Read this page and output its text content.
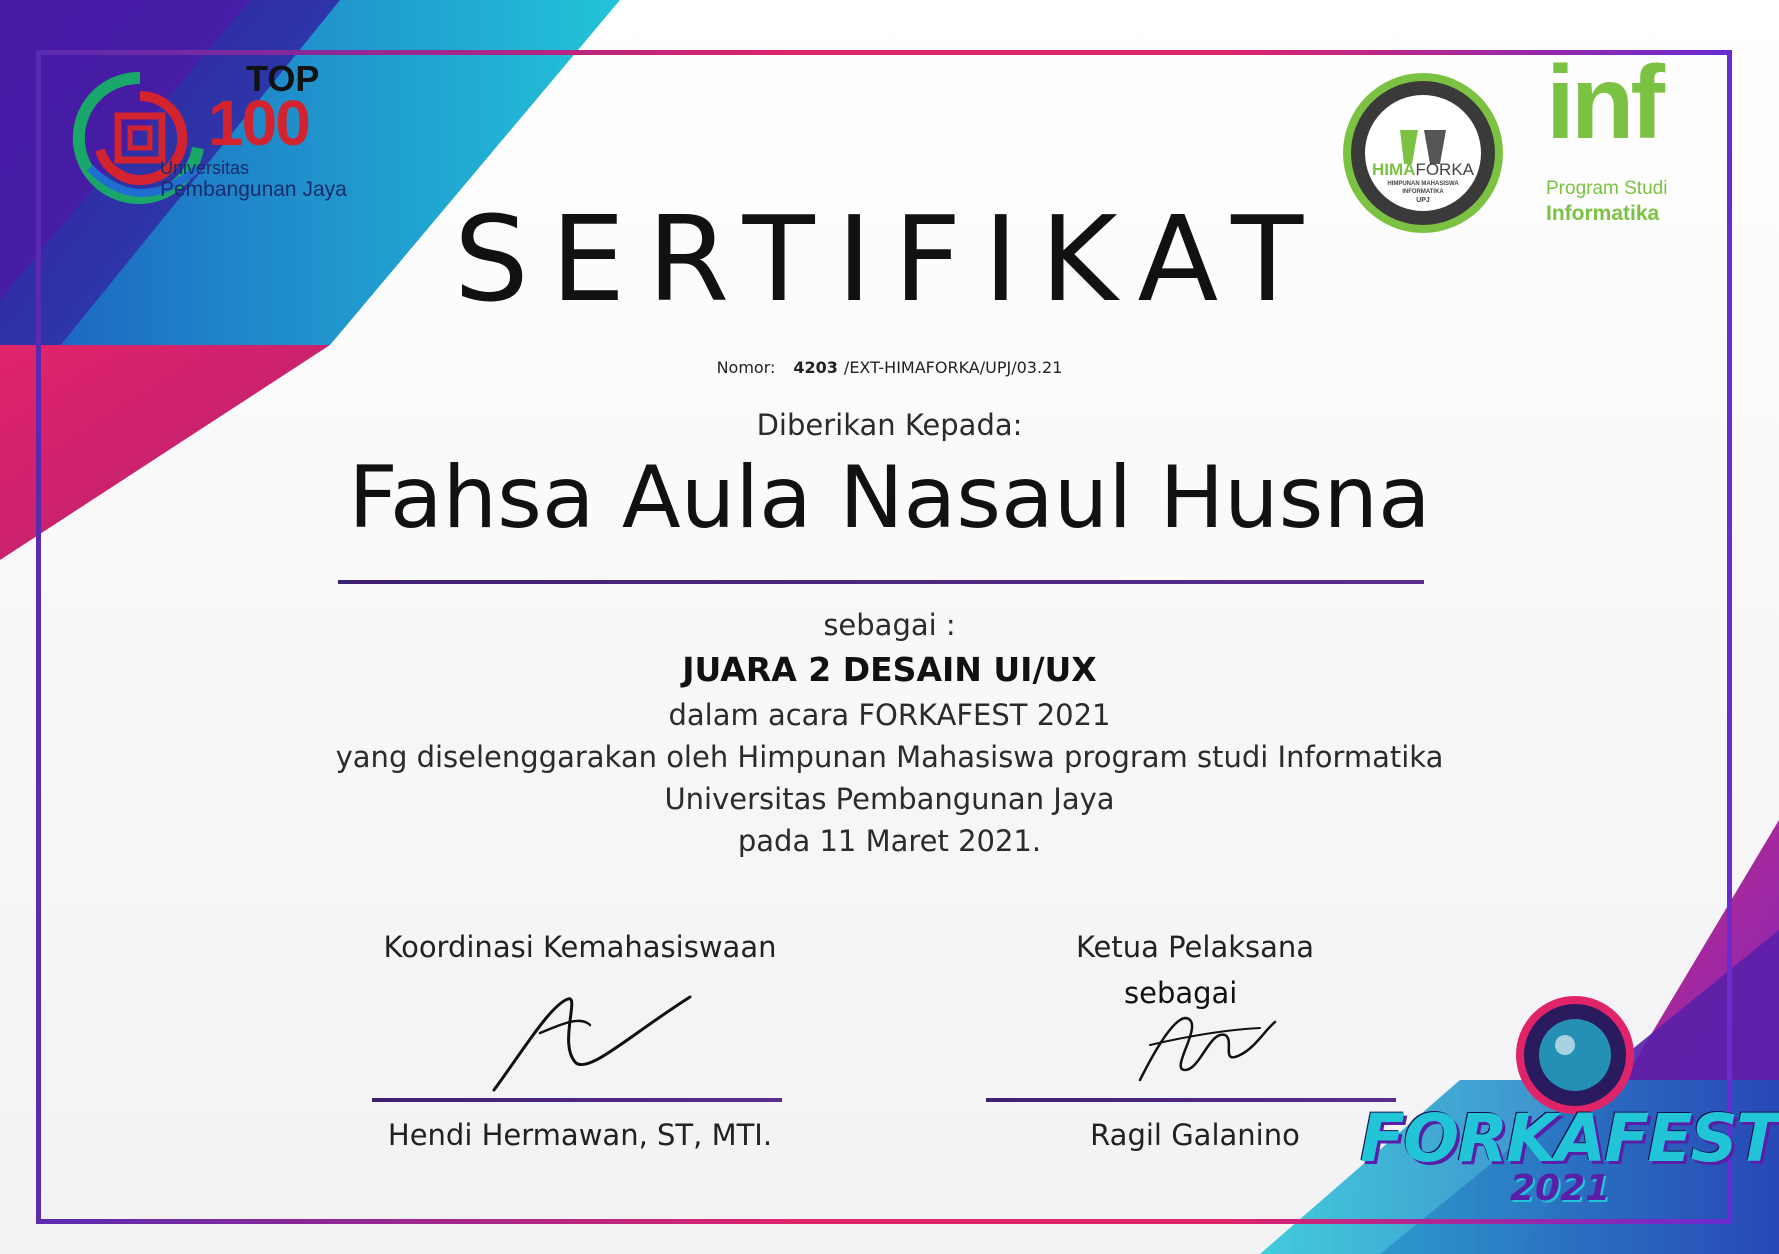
TOP
100
Universitas
Pembangunan Jaya
HIMAFORKA
HIMPUNAN MAHASISWA
INFORMATIKA
UPJ
inf
Program Studi
Informatika
SERTIFIKAT
Nomor: 4203 /EXT-HIMAFORKA/UPJ/03.21
Diberikan Kepada:
Fahsa Aula Nasaul Husna
sebagai :
JUARA 2 DESAIN UI/UX
dalam acara FORKAFEST 2021
yang diselenggarakan oleh Himpunan Mahasiswa program studi Informatika
Universitas Pembangunan Jaya
pada 11 Maret 2021.
Koordinasi Kemahasiswaan
Hendi Hermawan, ST, MTI.
Ketua Pelaksana
sebagai
Ragil Galanino FORKAFEST
2021
